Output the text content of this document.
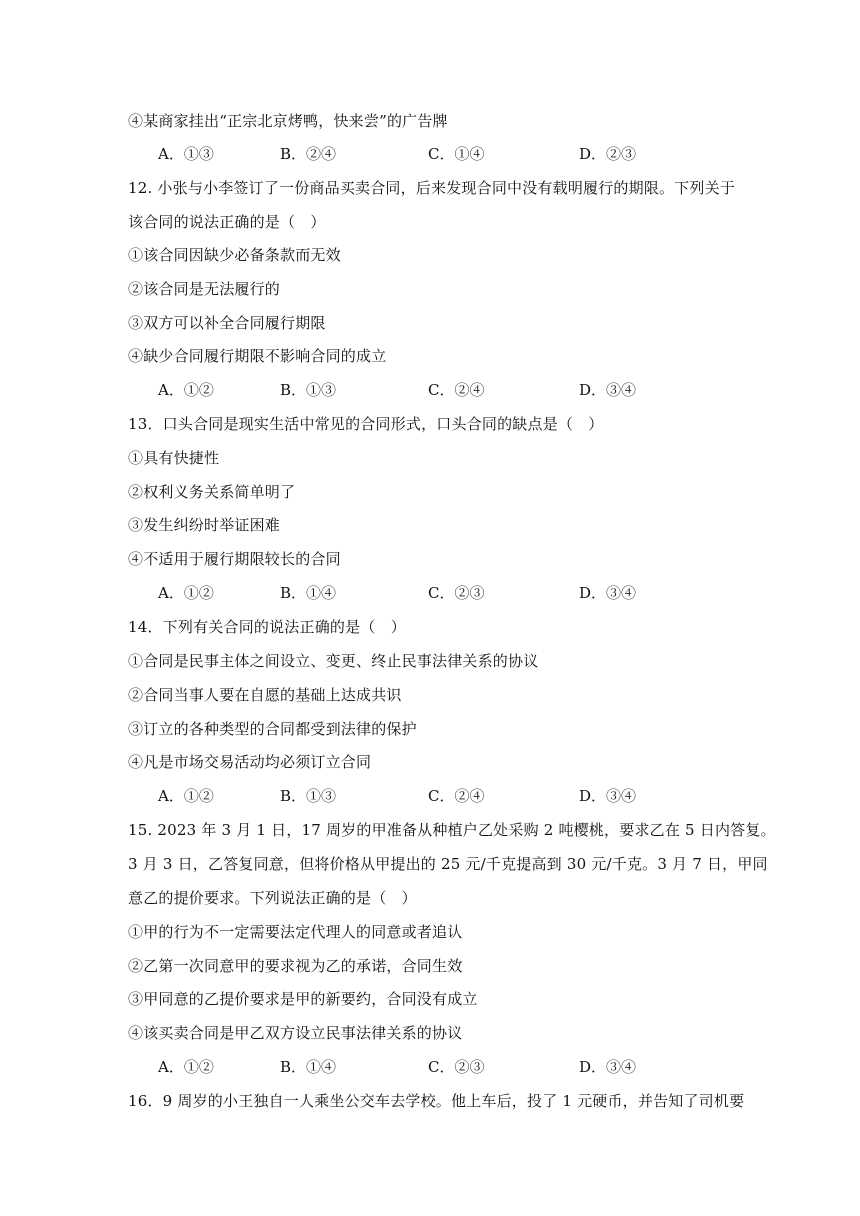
④某商家挂出“正宗北京烤鸭，快来尝”的广告牌
A．①③	B．②④	C．①④	D．②③
12. 小张与小李签订了一份商品买卖合同，后来发现合同中没有载明履行的期限。下列关于
该合同的说法正确的是（　）
①该合同因缺少必备条款而无效
②该合同是无法履行的
③双方可以补全合同履行期限
④缺少合同履行期限不影响合同的成立
A．①②	B．①③	C．②④	D．③④
13．口头合同是现实生活中常见的合同形式，口头合同的缺点是（　）
①具有快捷性
②权利义务关系简单明了
③发生纠纷时举证困难
④不适用于履行期限较长的合同
A．①②	B．①④	C．②③	D．③④
14．下列有关合同的说法正确的是（　）
①合同是民事主体之间设立、变更、终止民事法律关系的协议
②合同当事人要在自愿的基础上达成共识
③订立的各种类型的合同都受到法律的保护
④凡是市场交易活动均必须订立合同
A．①②	B．①③	C．②④	D．③④
15. 2023 年 3 月 1 日，17 周岁的甲准备从种植户乙处采购 2 吨樱桃，要求乙在 5 日内答复。
3 月 3 日，乙答复同意，但将价格从甲提出的 25 元/千克提高到 30 元/千克。3 月 7 日，甲同
意乙的提价要求。下列说法正确的是（　）
①甲的行为不一定需要法定代理人的同意或者追认
②乙第一次同意甲的要求视为乙的承诺，合同生效
③甲同意的乙提价要求是甲的新要约，合同没有成立
④该买卖合同是甲乙双方设立民事法律关系的协议
A．①②	B．①④	C．②③	D．③④
16．9 周岁的小王独自一人乘坐公交车去学校。他上车后，投了 1 元硬币，并告知了司机要
